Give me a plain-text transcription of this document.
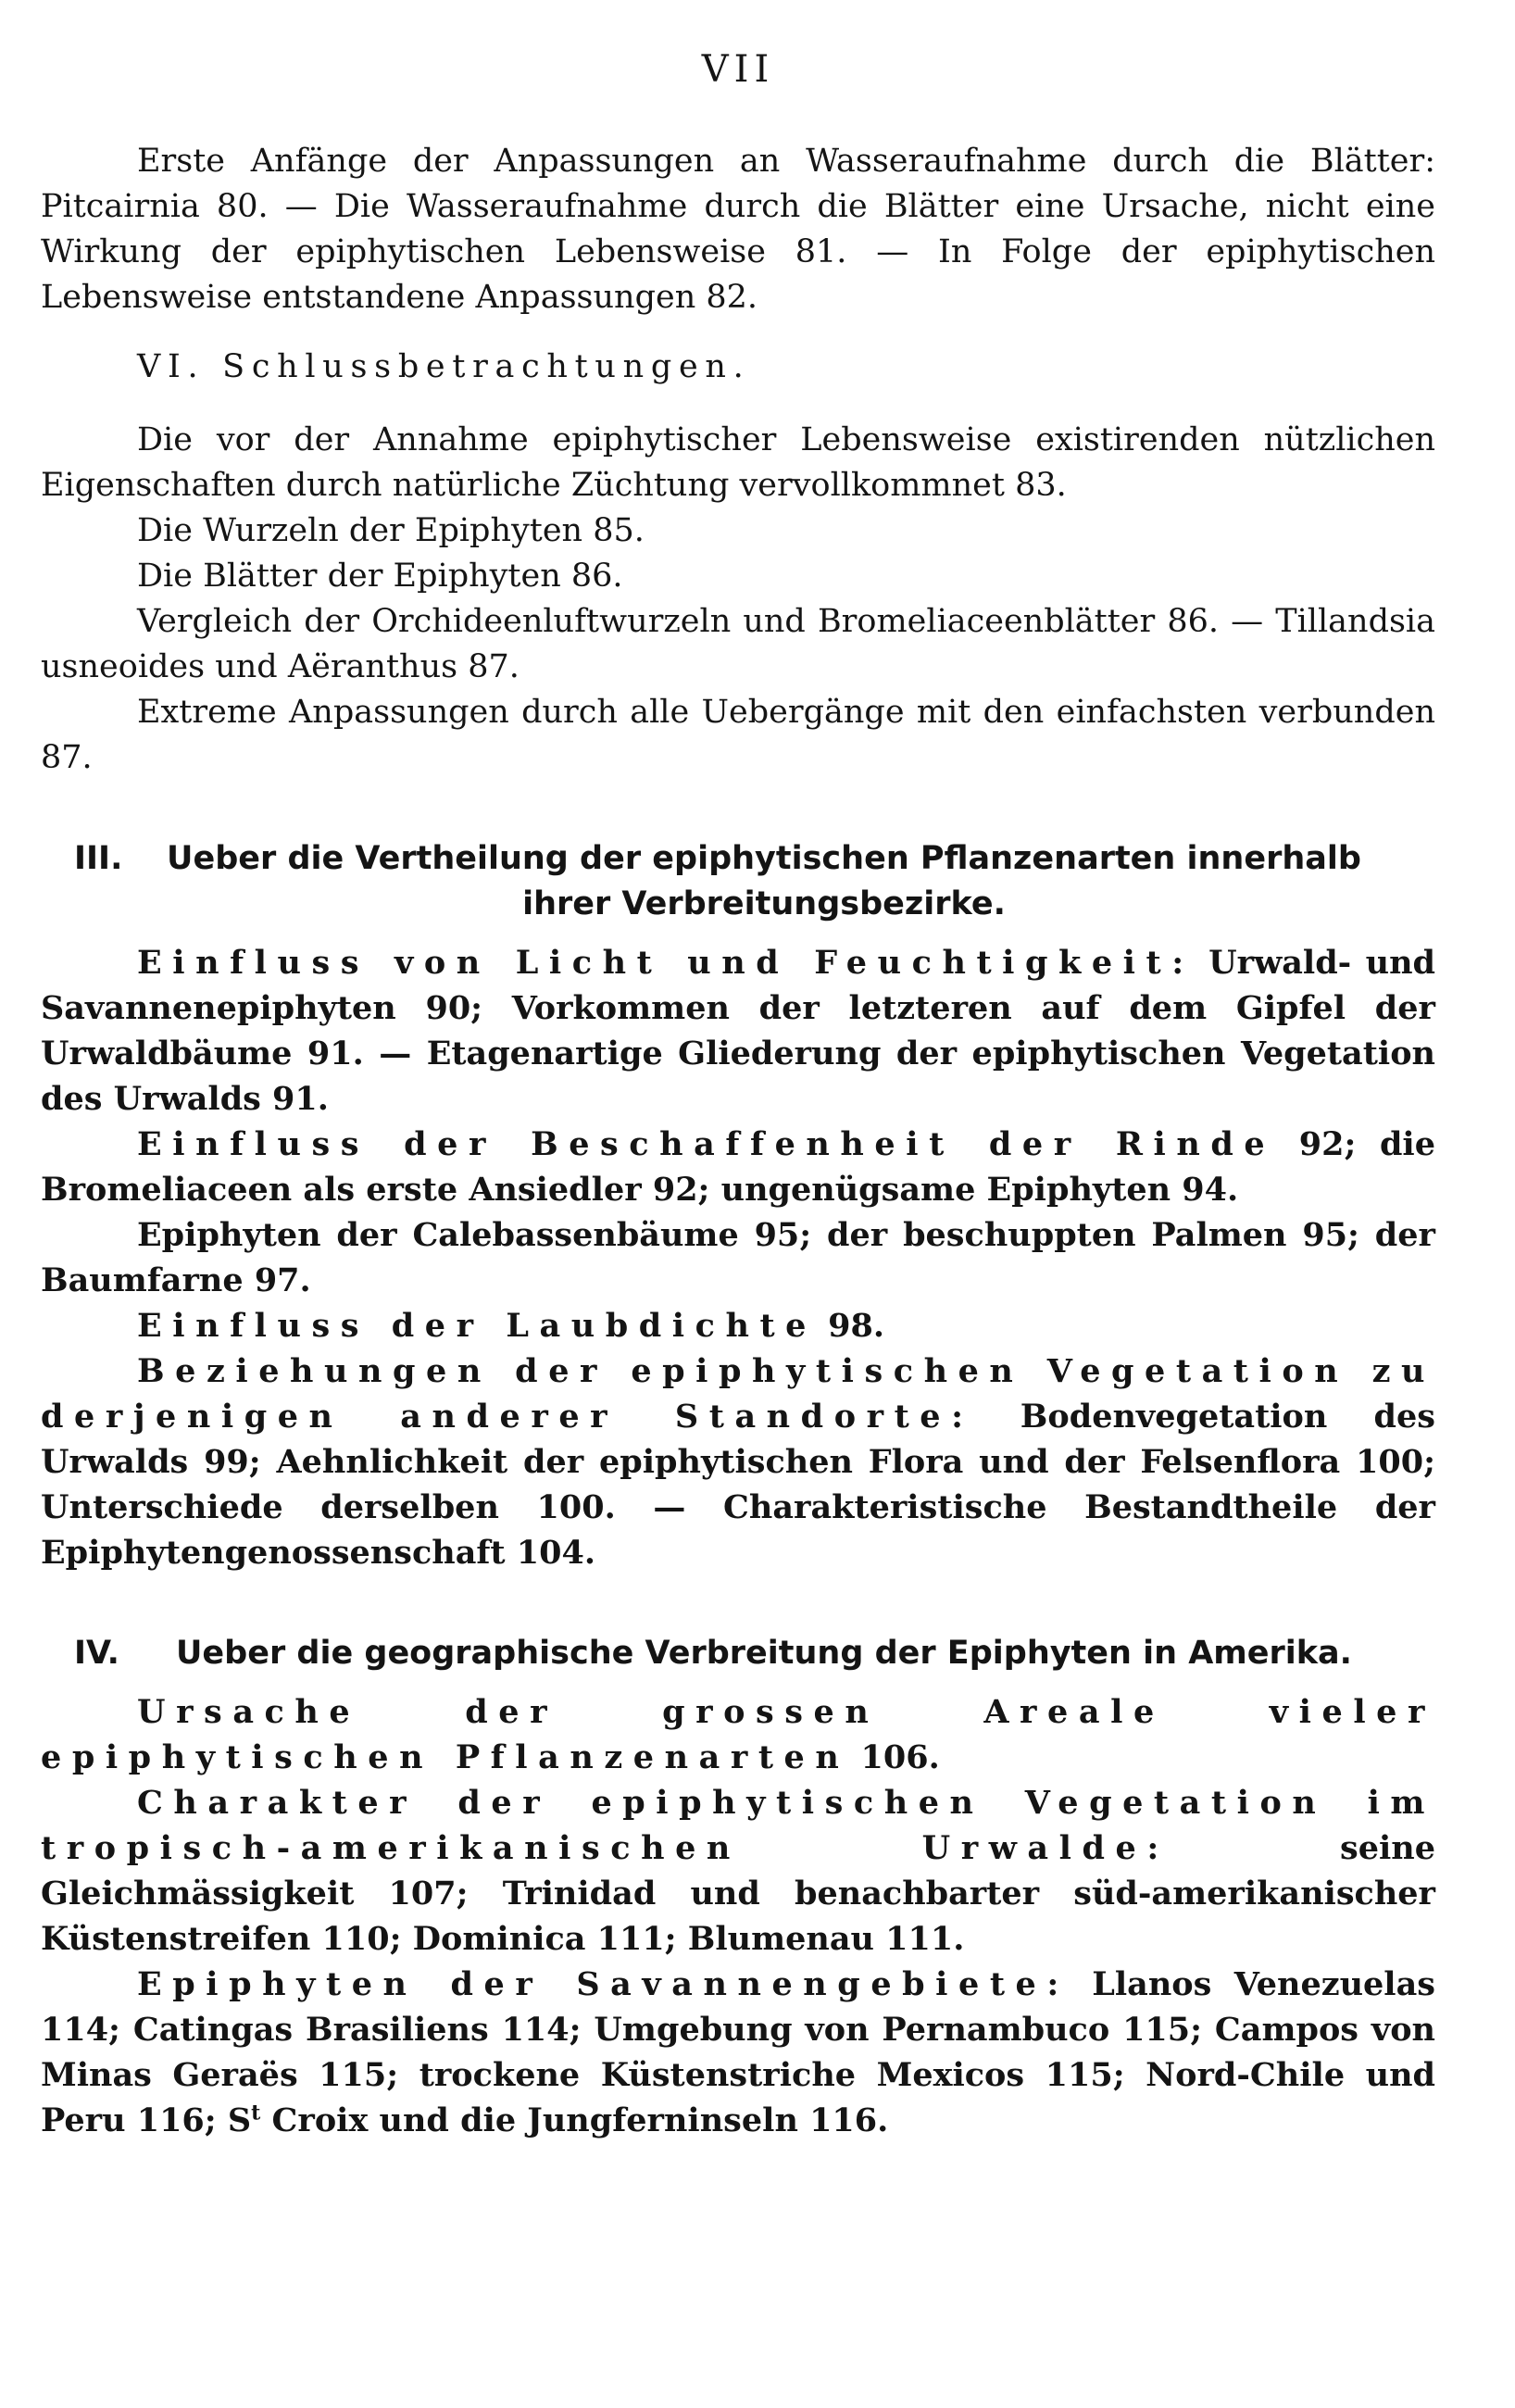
VII

Erste Anfänge der Anpassungen an Wasseraufnahme durch die Blätter: Pitcairnia 80. — Die Wasseraufnahme durch die Blätter eine Ursache, nicht eine Wirkung der epiphytischen Lebensweise 81. — In Folge der epiphytischen Lebensweise entstandene Anpassungen 82.

VI. Schlussbetrachtungen.

Die vor der Annahme epiphytischer Lebensweise existirenden nützlichen Eigenschaften durch natürliche Züchtung vervollkommnet 83.

Die Wurzeln der Epiphyten 85.

Die Blätter der Epiphyten 86.

Vergleich der Orchideenluftwurzeln und Bromeliaceenblätter 86. — Tillandsia usneoides und Aëranthus 87.

Extreme Anpassungen durch alle Uebergänge mit den einfachsten verbunden 87.

III. Ueber die Vertheilung der epiphytischen Pflanzenarten innerhalb ihrer Verbreitungsbezirke.

Einfluss von Licht und Feuchtigkeit: Urwald- und Savannenepiphyten 90; Vorkommen der letzteren auf dem Gipfel der Urwaldbäume 91. — Etagenartige Gliederung der epiphytischen Vegetation des Urwalds 91.

Einfluss der Beschaffenheit der Rinde 92; die Bromeliaceen als erste Ansiedler 92; ungenügsame Epiphyten 94.

Epiphyten der Calebassenbäume 95; der beschuppten Palmen 95; der Baumfarne 97.

Einfluss der Laubdichte 98.

Beziehungen der epiphytischen Vegetation zu derjenigen anderer Standorte: Bodenvegetation des Urwalds 99; Aehnlichkeit der epiphytischen Flora und der Felsenflora 100; Unterschiede derselben 100. — Charakteristische Bestandtheile der Epiphytengenossenschaft 104.

IV. Ueber die geographische Verbreitung der Epiphyten in Amerika.

Ursache der grossen Areale vieler epiphytischen Pflanzenarten 106.

Charakter der epiphytischen Vegetation im tropisch-amerikanischen Urwalde: seine Gleichmässigkeit 107; Trinidad und benachbarter süd-amerikanischer Küstenstreifen 110; Dominica 111; Blumenau 111.

Epiphyten der Savannengebiete: Llanos Venezuelas 114; Catingas Brasiliens 114; Umgebung von Pernambuco 115; Campos von Minas Geraës 115; trockene Küstenstriche Mexicos 115; Nord-Chile und Peru 116; $S^t$ Croix und die Jungferninseln 116.
